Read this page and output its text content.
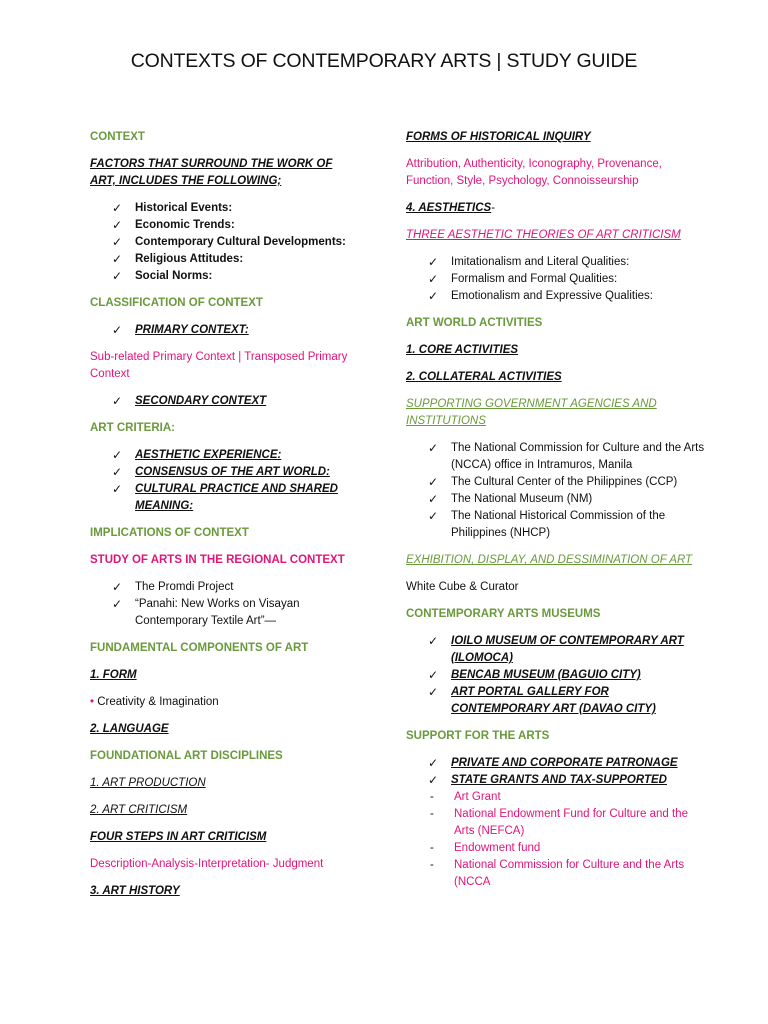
CONTEXTS OF CONTEMPORARY ARTS | STUDY GUIDE

CONTEXT

FACTORS THAT SURROUND THE WORK OF ART, INCLUDES THE FOLLOWING;

✓ Historical Events:
✓ Economic Trends:
✓ Contemporary Cultural Developments:
✓ Religious Attitudes:
✓ Social Norms:

CLASSIFICATION OF CONTEXT

✓ PRIMARY CONTEXT:

Sub-related Primary Context | Transposed Primary Context

✓ SECONDARY CONTEXT

ART CRITERIA:

✓ AESTHETIC EXPERIENCE:
✓ CONSENSUS OF THE ART WORLD:
✓ CULTURAL PRACTICE AND SHARED MEANING:

IMPLICATIONS OF CONTEXT

STUDY OF ARTS IN THE REGIONAL CONTEXT

✓ The Promdi Project
✓ “Panahi: New Works on Visayan Contemporary Textile Art”—

FUNDAMENTAL COMPONENTS OF ART

1. FORM

• Creativity & Imagination

2. LANGUAGE

FOUNDATIONAL ART DISCIPLINES

1. ART PRODUCTION

2. ART CRITICISM

FOUR STEPS IN ART CRITICISM

Description-Analysis-Interpretation- Judgment

3. ART HISTORY

FORMS OF HISTORICAL INQUIRY

Attribution, Authenticity, Iconography, Provenance, Function, Style, Psychology, Connoisseurship

4. AESTHETICS-

THREE AESTHETIC THEORIES OF ART CRITICISM

✓ Imitationalism and Literal Qualities:
✓ Formalism and Formal Qualities:
✓ Emotionalism and Expressive Qualities:

ART WORLD ACTIVITIES

1. CORE ACTIVITIES

2. COLLATERAL ACTIVITIES

SUPPORTING GOVERNMENT AGENCIES AND INSTITUTIONS

✓ The National Commission for Culture and the Arts (NCCA) office in Intramuros, Manila
✓ The Cultural Center of the Philippines (CCP)
✓ The National Museum (NM)
✓ The National Historical Commission of the Philippines (NHCP)

EXHIBITION, DISPLAY, AND DESSIMINATION OF ART

White Cube & Curator

CONTEMPORARY ARTS MUSEUMS

✓ IOILO MUSEUM OF CONTEMPORARY ART (ILOMOCA)
✓ BENCAB MUSEUM (BAGUIO CITY)
✓ ART PORTAL GALLERY FOR CONTEMPORARY ART (DAVAO CITY)

SUPPORT FOR THE ARTS

✓ PRIVATE AND CORPORATE PATRONAGE
✓ STATE GRANTS AND TAX-SUPPORTED
- Art Grant
- National Endowment Fund for Culture and the Arts (NEFCA)
- Endowment fund
- National Commission for Culture and the Arts (NCCA
